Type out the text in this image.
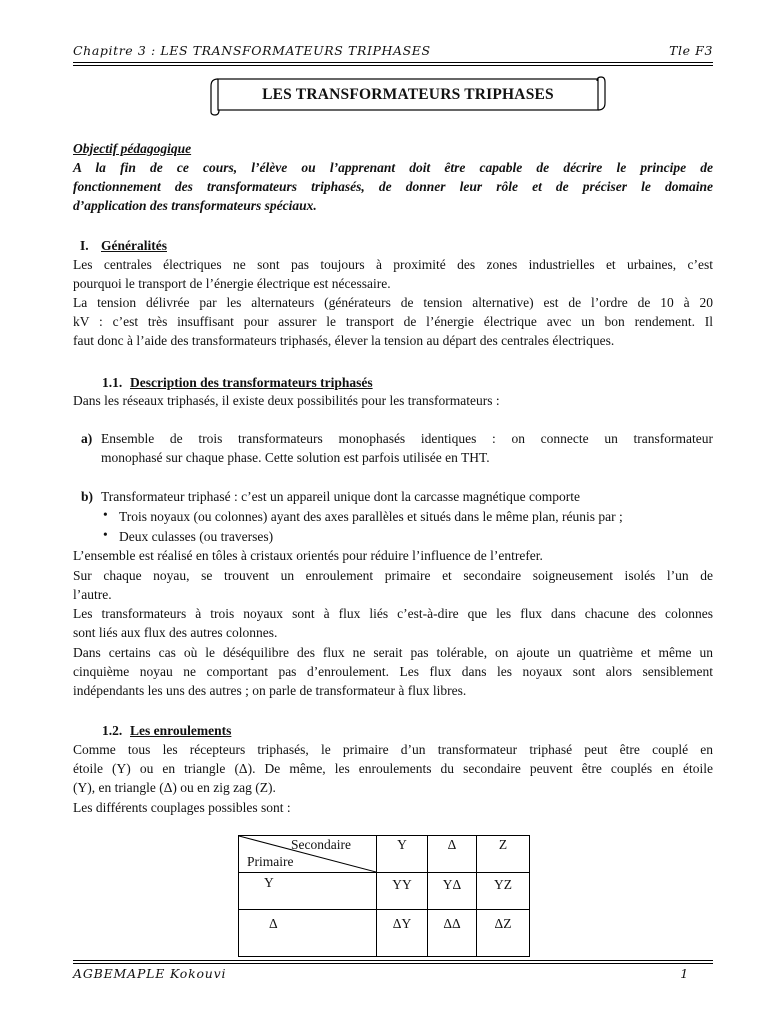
Chapitre 3 : LES TRANSFORMATEURS TRIPHASES	Tle F3
LES TRANSFORMATEURS TRIPHASES
Objectif pédagogique
A la fin de ce cours, l’élève ou l’apprenant doit être capable de décrire le principe de
fonctionnement des transformateurs triphasés, de donner leur rôle et de préciser le domaine
d’application des transformateurs spéciaux.
I. Généralités
Les centrales électriques ne sont pas toujours à proximité des zones industrielles et urbaines, c’est
pourquoi le transport de l’énergie électrique est nécessaire.
La tension délivrée par les alternateurs (générateurs de tension alternative) est de l’ordre de 10 à 20
kV : c’est très insuffisant pour assurer le transport de l’énergie électrique avec un bon rendement. Il
faut donc à l’aide des transformateurs triphasés, élever la tension au départ des centrales électriques.
1.1. Description des transformateurs triphasés
Dans les réseaux triphasés, il existe deux possibilités pour les transformateurs :
a) Ensemble de trois transformateurs monophasés identiques : on connecte un transformateur
monophasé sur chaque phase. Cette solution est parfois utilisée en THT.
b) Transformateur triphasé : c’est un appareil unique dont la carcasse magnétique comporte
• Trois noyaux (ou colonnes) ayant des axes parallèles et situés dans le même plan, réunis par ;
• Deux culasses (ou traverses)
L’ensemble est réalisé en tôles à cristaux orientés pour réduire l’influence de l’entrefer.
Sur chaque noyau, se trouvent un enroulement primaire et secondaire soigneusement isolés l’un de
l’autre.
Les transformateurs à trois noyaux sont à flux liés c’est-à-dire que les flux dans chacune des colonnes
sont liés aux flux des autres colonnes.
Dans certains cas où le déséquilibre des flux ne serait pas tolérable, on ajoute un quatrième et même un
cinquième noyau ne comportant pas d’enroulement. Les flux dans les noyaux sont alors sensiblement
indépendants les uns des autres ; on parle de transformateur à flux libres.
1.2. Les enroulements
Comme tous les récepteurs triphasés, le primaire d’un transformateur triphasé peut être couplé en
étoile (Y) ou en triangle (Δ). De même, les enroulements du secondaire peuvent être couplés en étoile
(Y), en triangle (Δ) ou en zig zag (Z).
Les différents couplages possibles sont :
Secondaire
Primaire	Y	Δ	Z
Y	YY	YΔ	YZ
Δ	ΔY	ΔΔ	ΔZ
AGBEMAPLE Kokouvi	1
